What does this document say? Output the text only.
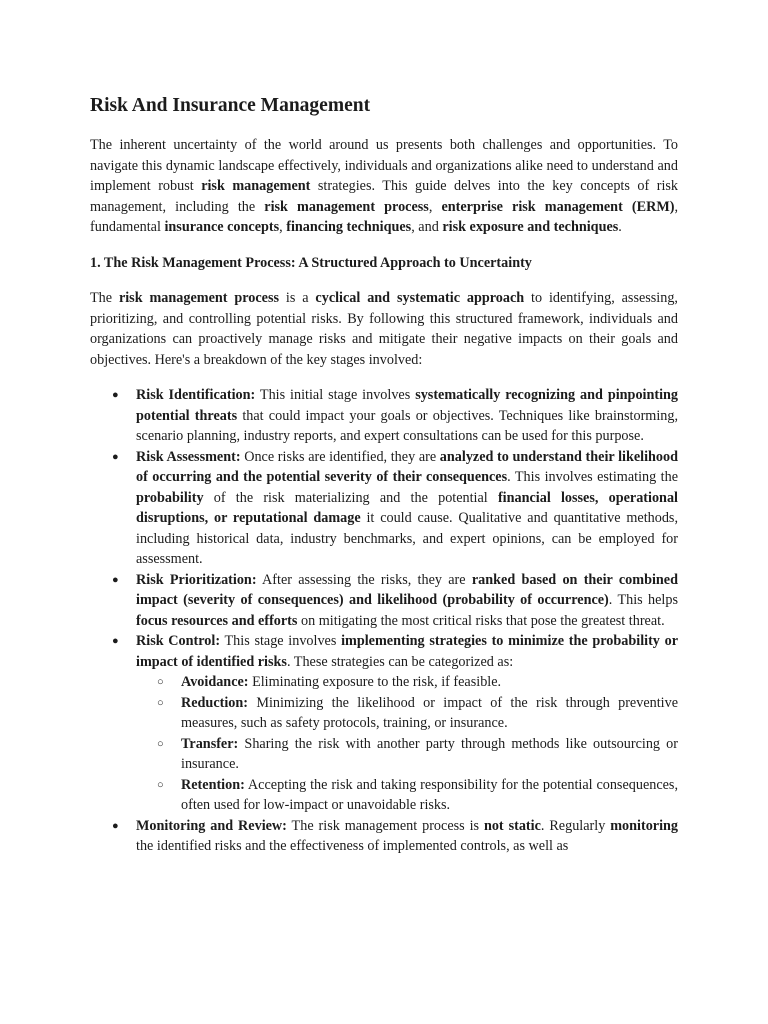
Risk And Insurance Management

The inherent uncertainty of the world around us presents both challenges and opportunities. To navigate this dynamic landscape effectively, individuals and organizations alike need to understand and implement robust risk management strategies. This guide delves into the key concepts of risk management, including the risk management process, enterprise risk management (ERM), fundamental insurance concepts, financing techniques, and risk exposure and techniques.

1. The Risk Management Process: A Structured Approach to Uncertainty

The risk management process is a cyclical and systematic approach to identifying, assessing, prioritizing, and controlling potential risks. By following this structured framework, individuals and organizations can proactively manage risks and mitigate their negative impacts on their goals and objectives. Here's a breakdown of the key stages involved:

● Risk Identification: This initial stage involves systematically recognizing and pinpointing potential threats that could impact your goals or objectives. Techniques like brainstorming, scenario planning, industry reports, and expert consultations can be used for this purpose.
● Risk Assessment: Once risks are identified, they are analyzed to understand their likelihood of occurring and the potential severity of their consequences. This involves estimating the probability of the risk materializing and the potential financial losses, operational disruptions, or reputational damage it could cause. Qualitative and quantitative methods, including historical data, industry benchmarks, and expert opinions, can be employed for assessment.
● Risk Prioritization: After assessing the risks, they are ranked based on their combined impact (severity of consequences) and likelihood (probability of occurrence). This helps focus resources and efforts on mitigating the most critical risks that pose the greatest threat.
● Risk Control: This stage involves implementing strategies to minimize the probability or impact of identified risks. These strategies can be categorized as:
○ Avoidance: Eliminating exposure to the risk, if feasible.
○ Reduction: Minimizing the likelihood or impact of the risk through preventive measures, such as safety protocols, training, or insurance.
○ Transfer: Sharing the risk with another party through methods like outsourcing or insurance.
○ Retention: Accepting the risk and taking responsibility for the potential consequences, often used for low-impact or unavoidable risks.
● Monitoring and Review: The risk management process is not static. Regularly monitoring the identified risks and the effectiveness of implemented controls, as well as
